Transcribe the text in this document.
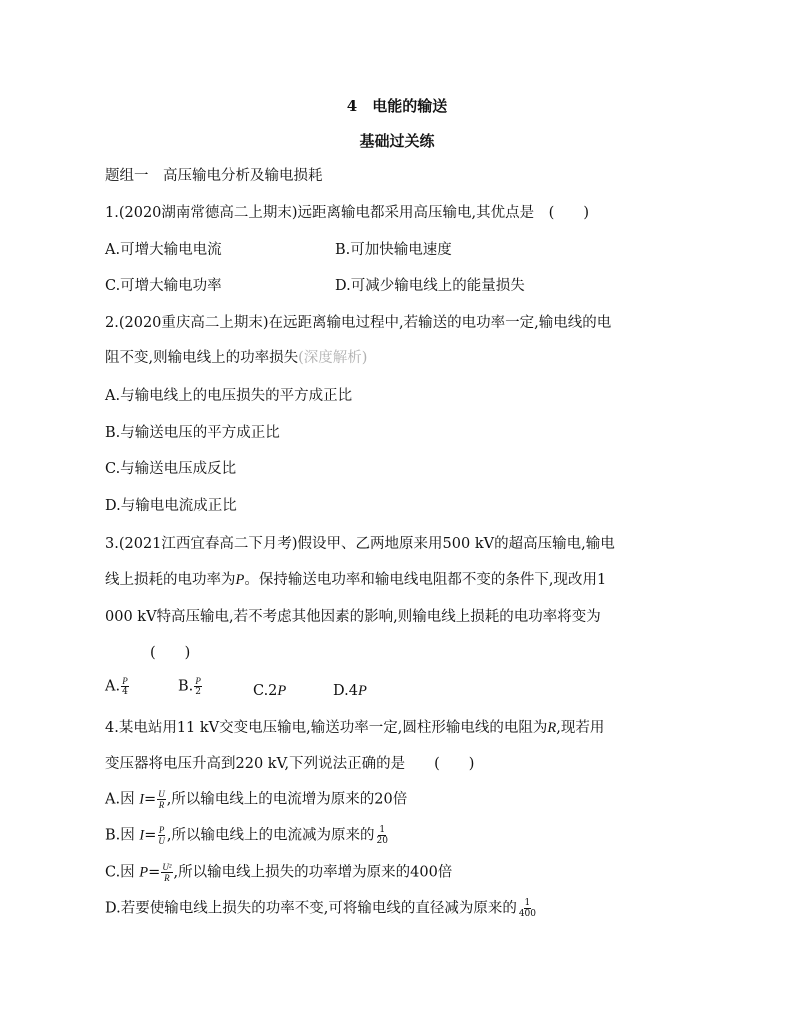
4　电能的输送
基础过关练
题组一　高压输电分析及输电损耗
1.(2020湖南常德高二上期末)远距离输电都采用高压输电,其优点是　(　　)
A.可增大输电电流	B.可加快输电速度
C.可增大输电功率	D.可减少输电线上的能量损失
2.(2020重庆高二上期末)在远距离输电过程中,若输送的电功率一定,输电线的电
阻不变,则输电线上的功率损失(深度解析)
A.与输电线上的电压损失的平方成正比
B.与输送电压的平方成正比
C.与输送电压成反比
D.与输电电流成正比
3.(2021江西宜春高二下月考)假设甲、乙两地原来用500 kV的超高压输电,输电
线上损耗的电功率为P。保持输送电功率和输电线电阻都不变的条件下,现改用1
000 kV特高压输电,若不考虑其他因素的影响,则输电线上损耗的电功率将变为
(　　)
A. $\frac{P}{4}$	B. $\frac{P}{2}$	C.2P	D.4P
4.某电站用11 kV交变电压输电,输送功率一定,圆柱形输电线的电阻为R,现若用
变压器将电压升高到220 kV,下列说法正确的是　　(　　)
A.因 $I= \frac{U}{R}$ ,所以输电线上的电流增为原来的20倍
B.因 $I= \frac{P}{U}$ ,所以输电线上的电流减为原来的 $\frac{1}{20}$
C.因 $P= \frac{\text{U²}}{R}$ ,所以输电线上损失的功率增为原来的400倍
D.若要使输电线上损失的功率不变,可将输电线的直径减为原来的 $\frac{1}{400}$
